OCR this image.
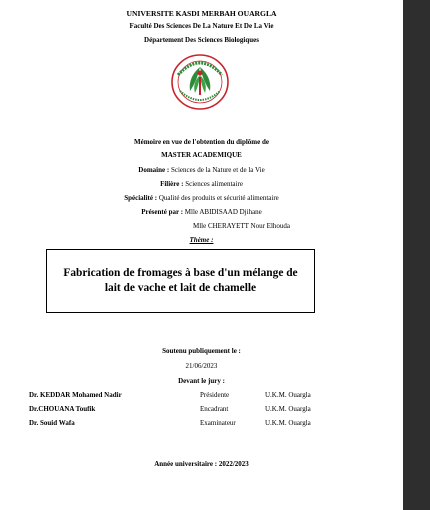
UNIVERSITE KASDI MERBAH OUARGLA
Faculté Des Sciences De La Nature Et De La Vie
Département Des Sciences Biologiques
Mémoire en vue de l'obtention du diplôme de
MASTER ACADEMIQUE
Domaine : Sciences de la Nature et de la Vie
Filière : Sciences alimentaire
Spécialité : Qualité des produits et sécurité alimentaire
Présenté par : Mlle ABIDISAAD Djihane
Mlle CHERAYETT Nour Elhouda
Thème :
Fabrication de fromages à base d'un mélange de lait de vache et lait de chamelle
Soutenu publiquement le :
21/06/2023
Devant le jury :
Dr. KEDDAR Mohamed Nadir	Présidente	U.K.M. Ouargla
Dr.CHOUANA Toufik	Encadrant	U.K.M. Ouargla
Dr. Souid Wafa	Examinateur	U.K.M. Ouargla
Année universitaire : 2022/2023
